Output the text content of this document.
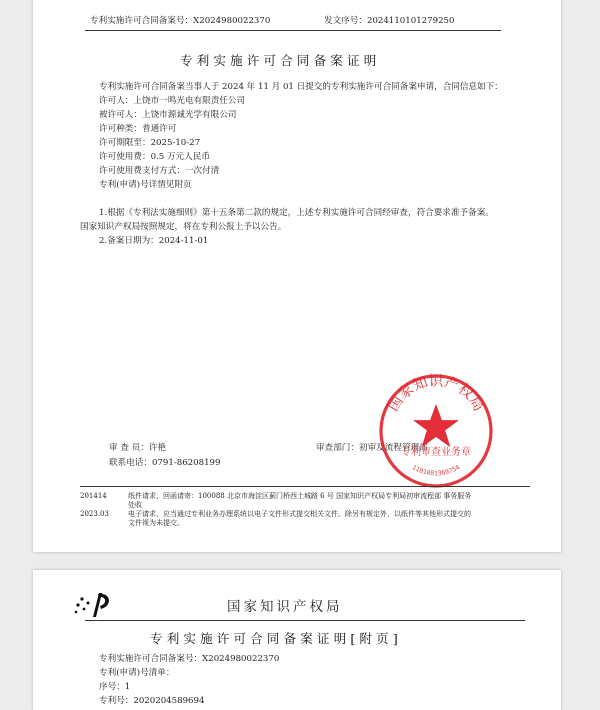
专利实施许可合同备案号：X2024980022370	发文序号：2024110101279250
专利实施许可合同备案证明
专利实施许可合同备案当事人于 2024 年 11 月 01 日提交的专利实施许可合同备案申请，合同信息如下：
许可人：上饶市一鸣光电有限责任公司
被许可人：上饶市源诚光学有限公司
许可种类：普通许可
许可期限至：2025-10-27
许可使用费：0.5 万元人民币
许可使用费支付方式：一次付清
专利(申请)号详情见附页
1.根据《专利法实施细则》第十五条第二款的规定，上述专利实施许可合同经审查，符合要求准予备案。
国家知识产权局按照规定，将在专利公报上予以公告。
2.备案日期为：2024-11-01
审 查 员：许艳
联系电话：0791-86208199
审查部门：初审及流程管理部
国家知识产权局
专利审查业务章
1101081369754
201414	纸件请求，回函请寄：100088 北京市海淀区蓟门桥西土城路 6 号 国家知识产权局专利局初审流程部 事务服务
处收
2023.03	电子请求，应当通过专利业务办理系统以电子文件形式提交相关文件。除另有规定外，以纸件等其他形式提交的
文件视为未提交。
国家知识产权局
专利实施许可合同备案证明[附页]
专利实施许可合同备案号：X2024980022370
专利(申请)号清单：
序号：1
专利号：2020204589694
